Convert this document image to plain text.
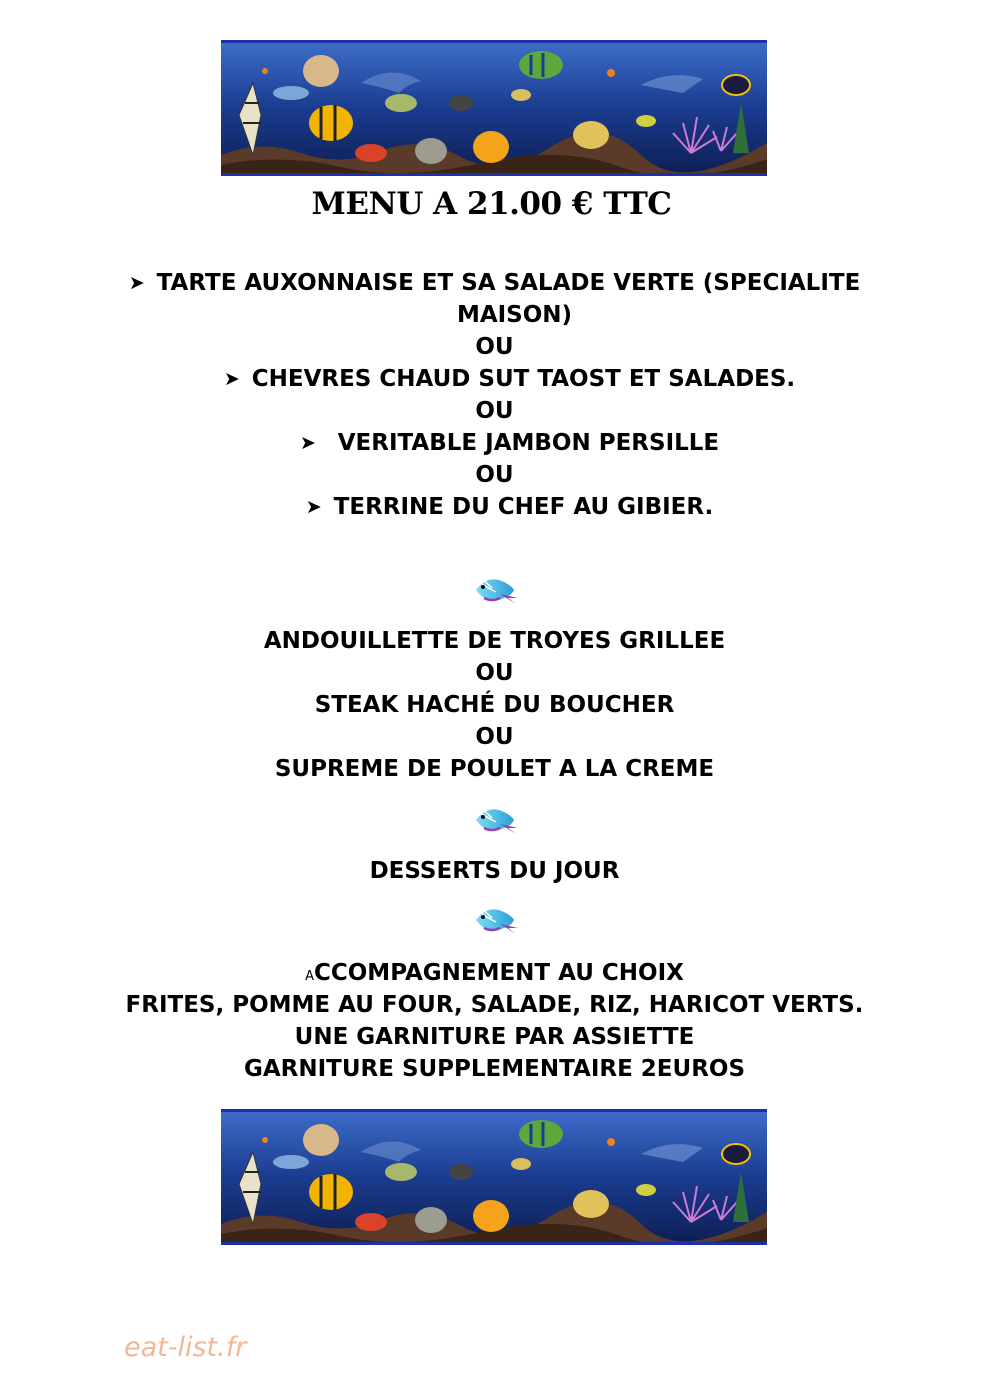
MENU A 21.00 € TTC
➤ TARTE AUXONNAISE ET SA SALADE VERTE (SPECIALITE
MAISON)
OU
➤ CHEVRES CHAUD SUT TAOST ET SALADES.
OU
➤ VERITABLE JAMBON PERSILLE
OU
➤ TERRINE DU CHEF AU GIBIER.
ANDOUILLETTE DE TROYES GRILLEE
OU
STEAK HACHÉ DU BOUCHER
OU
SUPREME DE POULET A LA CREME
DESSERTS DU JOUR
ACCOMPAGNEMENT AU CHOIX
FRITES, POMME AU FOUR, SALADE, RIZ, HARICOT VERTS.
UNE GARNITURE PAR ASSIETTE
GARNITURE SUPPLEMENTAIRE 2EUROS
eat-list.fr
